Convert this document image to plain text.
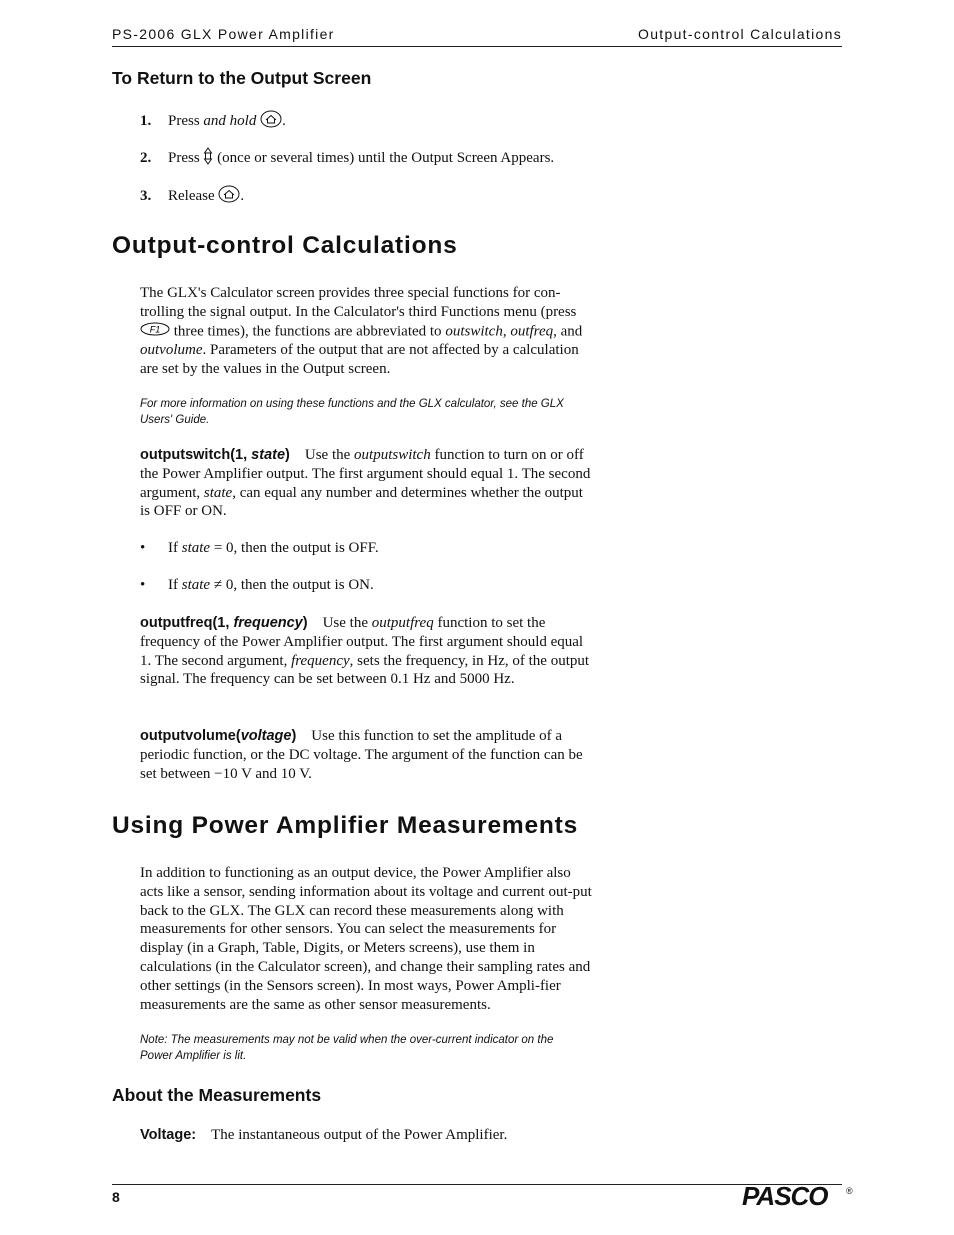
PS-2006 GLX Power Amplifier	Output-control Calculations
To Return to the Output Screen
1. Press and hold .
2. Press  (once or several times) until the Output Screen Appears.
3. Release .
Output-control Calculations
The GLX's Calculator screen provides three special functions for con-trolling the signal output. In the Calculator's third Functions menu (press
F1 three times), the functions are abbreviated to outswitch, outfreq, and outvolume. Parameters of the output that are not affected by a calculation are set by the values in the Output screen.
For more information on using these functions and the GLX calculator, see the GLX Users' Guide.
outputswitch(1, state) Use the outputswitch function to turn on or off the Power Amplifier output. The first argument should equal 1. The second argument, state, can equal any number and determines whether the output is OFF or ON.
• If state = 0, then the output is OFF.
• If state ≠ 0, then the output is ON.
outputfreq(1, frequency) Use the outputfreq function to set the frequency of the Power Amplifier output. The first argument should equal 1. The second argument, frequency, sets the frequency, in Hz, of the output signal. The frequency can be set between 0.1 Hz and 5000 Hz.
outputvolume(voltage) Use this function to set the amplitude of a periodic function, or the DC voltage. The argument of the function can be set between −10 V and 10 V.
Using Power Amplifier Measurements
In addition to functioning as an output device, the Power Amplifier also acts like a sensor, sending information about its voltage and current out-put back to the GLX. The GLX can record these measurements along with measurements for other sensors. You can select the measurements for display (in a Graph, Table, Digits, or Meters screens), use them in calculations (in the Calculator screen), and change their sampling rates and other settings (in the Sensors screen). In most ways, Power Ampli-fier measurements are the same as other sensor measurements.
Note: The measurements may not be valid when the over-current indicator on the Power Amplifier is lit.
About the Measurements
Voltage: The instantaneous output of the Power Amplifier.
8	PASCO ®
